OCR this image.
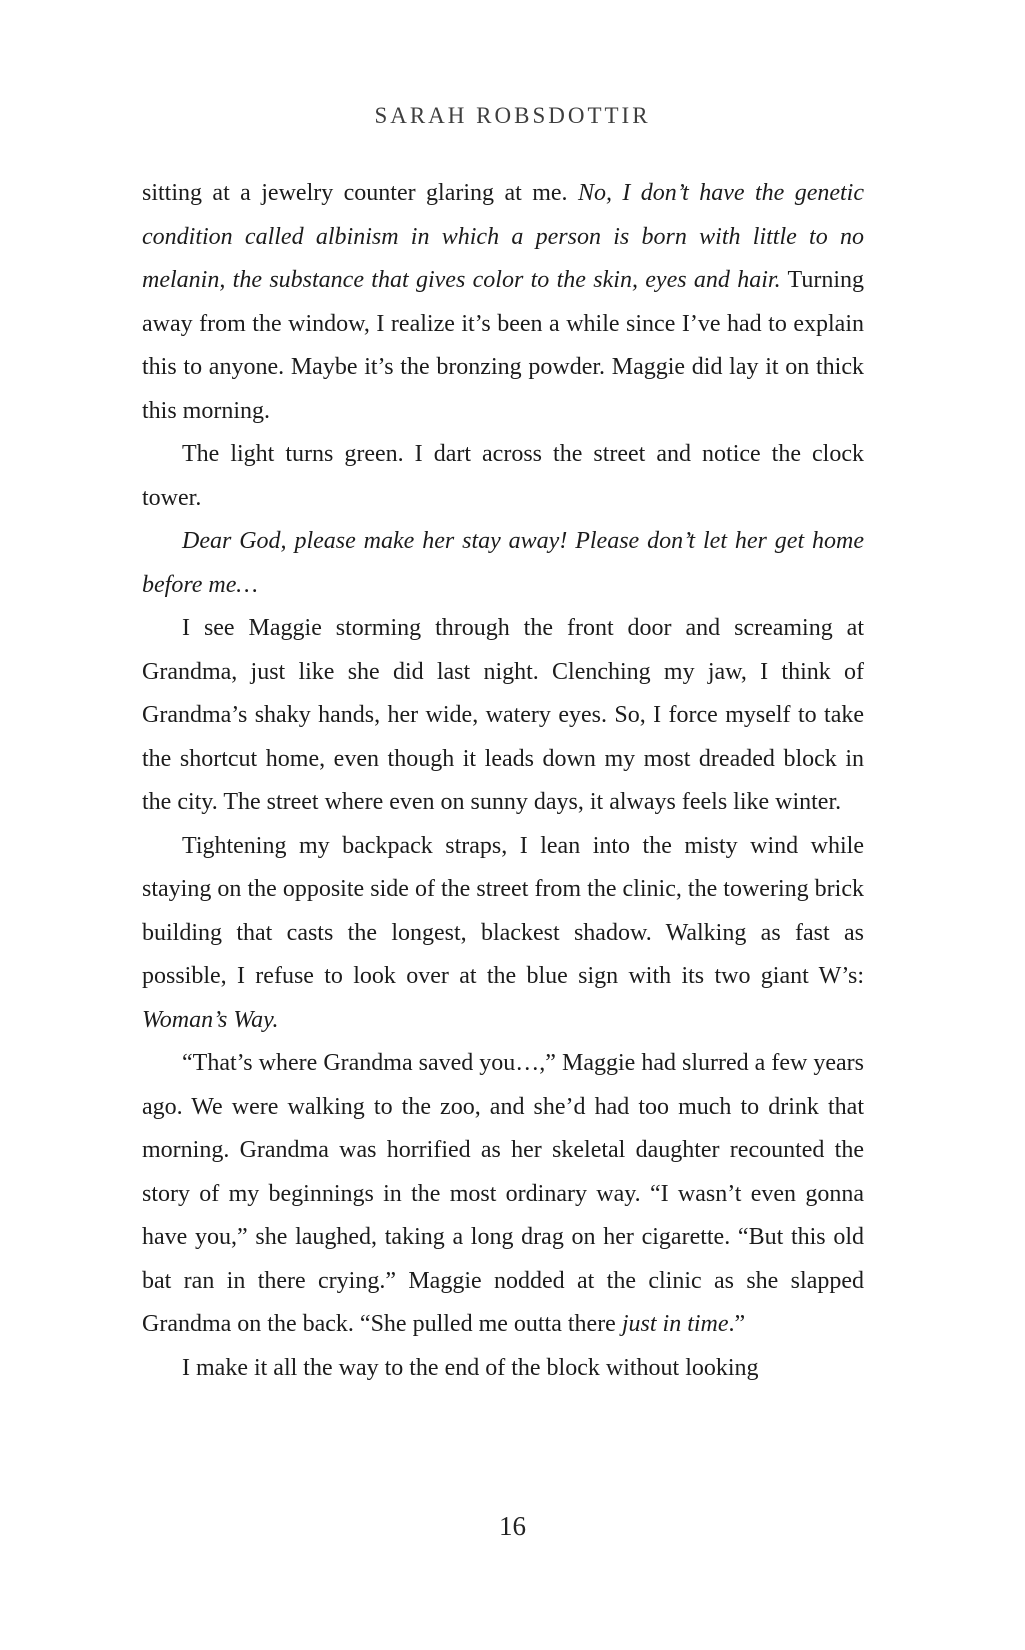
SARAH ROBSDOTTIR

sitting at a jewelry counter glaring at me. No, I don’t have the genetic condition called albinism in which a person is born with little to no melanin, the substance that gives color to the skin, eyes and hair. Turning away from the window, I realize it’s been a while since I’ve had to explain this to anyone. Maybe it’s the bronzing powder. Maggie did lay it on thick this morning.

The light turns green. I dart across the street and notice the clock tower.

Dear God, please make her stay away! Please don’t let her get home before me…

I see Maggie storming through the front door and screaming at Grandma, just like she did last night. Clenching my jaw, I think of Grandma’s shaky hands, her wide, watery eyes. So, I force myself to take the shortcut home, even though it leads down my most dreaded block in the city. The street where even on sunny days, it always feels like winter.

Tightening my backpack straps, I lean into the misty wind while staying on the opposite side of the street from the clinic, the towering brick building that casts the longest, blackest shadow. Walking as fast as possible, I refuse to look over at the blue sign with its two giant W’s: Woman’s Way.

“That’s where Grandma saved you…,” Maggie had slurred a few years ago. We were walking to the zoo, and she’d had too much to drink that morning. Grandma was horrified as her skeletal daughter recounted the story of my beginnings in the most ordinary way. “I wasn’t even gonna have you,” she laughed, taking a long drag on her cigarette. “But this old bat ran in there crying.” Maggie nodded at the clinic as she slapped Grandma on the back. “She pulled me outta there just in time.”

I make it all the way to the end of the block without looking

16
